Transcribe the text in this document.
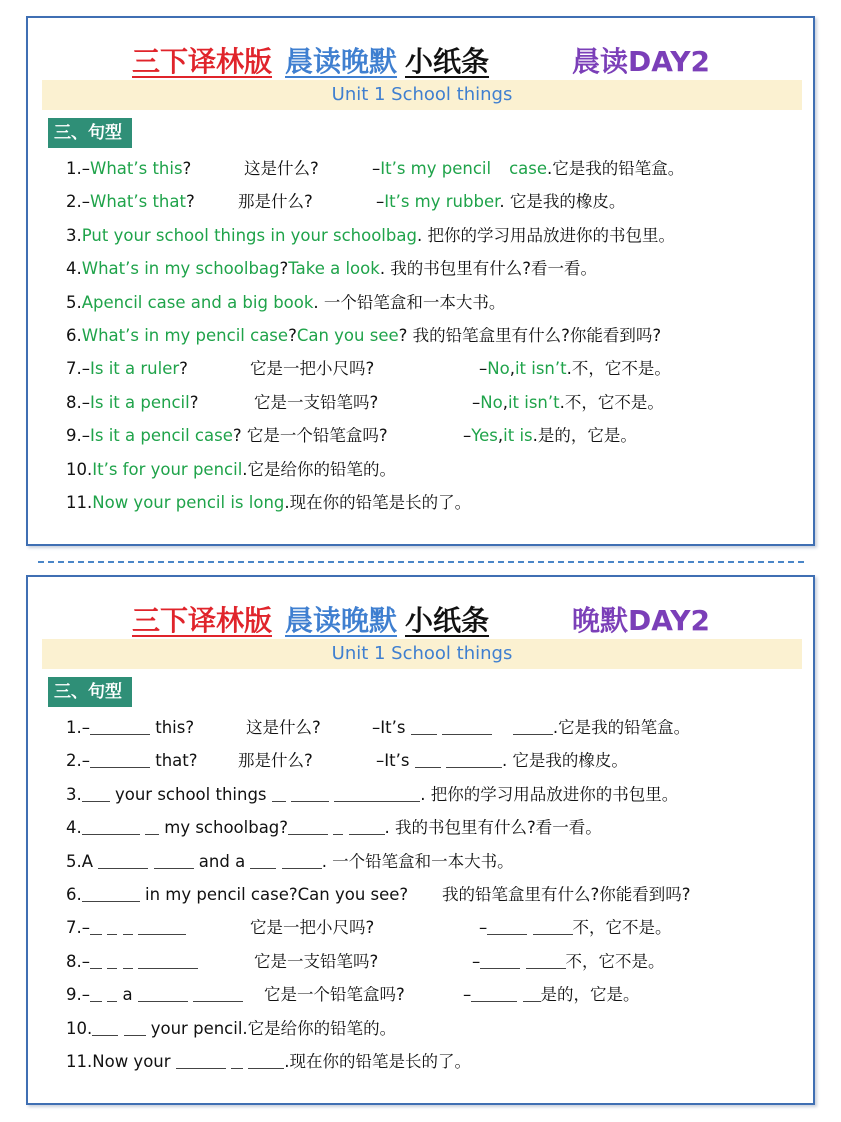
三下译林版 晨读晚默 小纸条	晨读DAY2
Unit 1 School things
三、句型
1.–What’s this?	这是什么?	–It’s my pencil case.它是我的铅笔盒。
2.–What’s that?	那是什么?	–It’s my rubber. 它是我的橡皮。
3.Put your school things in your schoolbag. 把你的学习用品放进你的书包里。
4.What’s in my schoolbag?Take a look. 我的书包里有什么?看一看。
5.Apencil case and a big book. 一个铅笔盒和一本大书。
6.What’s in my pencil case?Can you see? 我的铅笔盒里有什么?你能看到吗?
7.–Is it a ruler?	它是一把小尺吗?	–No,it isn’t.不，它不是。
8.–Is it a pencil?	它是一支铅笔吗?	–No,it isn’t.不，它不是。
9.–Is it a pencil case? 它是一个铅笔盒吗?	–Yes,it is.是的，它是。
10.It’s for your pencil.它是给你的铅笔的。
11.Now your pencil is long.现在你的铅笔是长的了。
三下译林版 晨读晚默 小纸条	晚默DAY2
Unit 1 School things
三、句型
1.–	this?	这是什么?	–It’s	.它是我的铅笔盒。
2.–	that? 那是什么?	–It’s	. 它是我的橡皮。
3. your school things	. 把你的学习用品放进你的书包里。
4.	my schoolbag?	. 我的书包里有什么?看一看。
5.A	and a	. 一个铅笔盒和一本大书。
6.	in my pencil case?Can you see? 我的铅笔盒里有什么?你能看到吗?
7.–	它是一把小尺吗?	–	不，它不是。
8.–	它是一支铅笔吗?	–	不，它不是。
9.–  a	它是一个铅笔盒吗?	–	是的，它是。
10.	your pencil.它是给你的铅笔的。
11.Now your	.现在你的铅笔是长的了。
